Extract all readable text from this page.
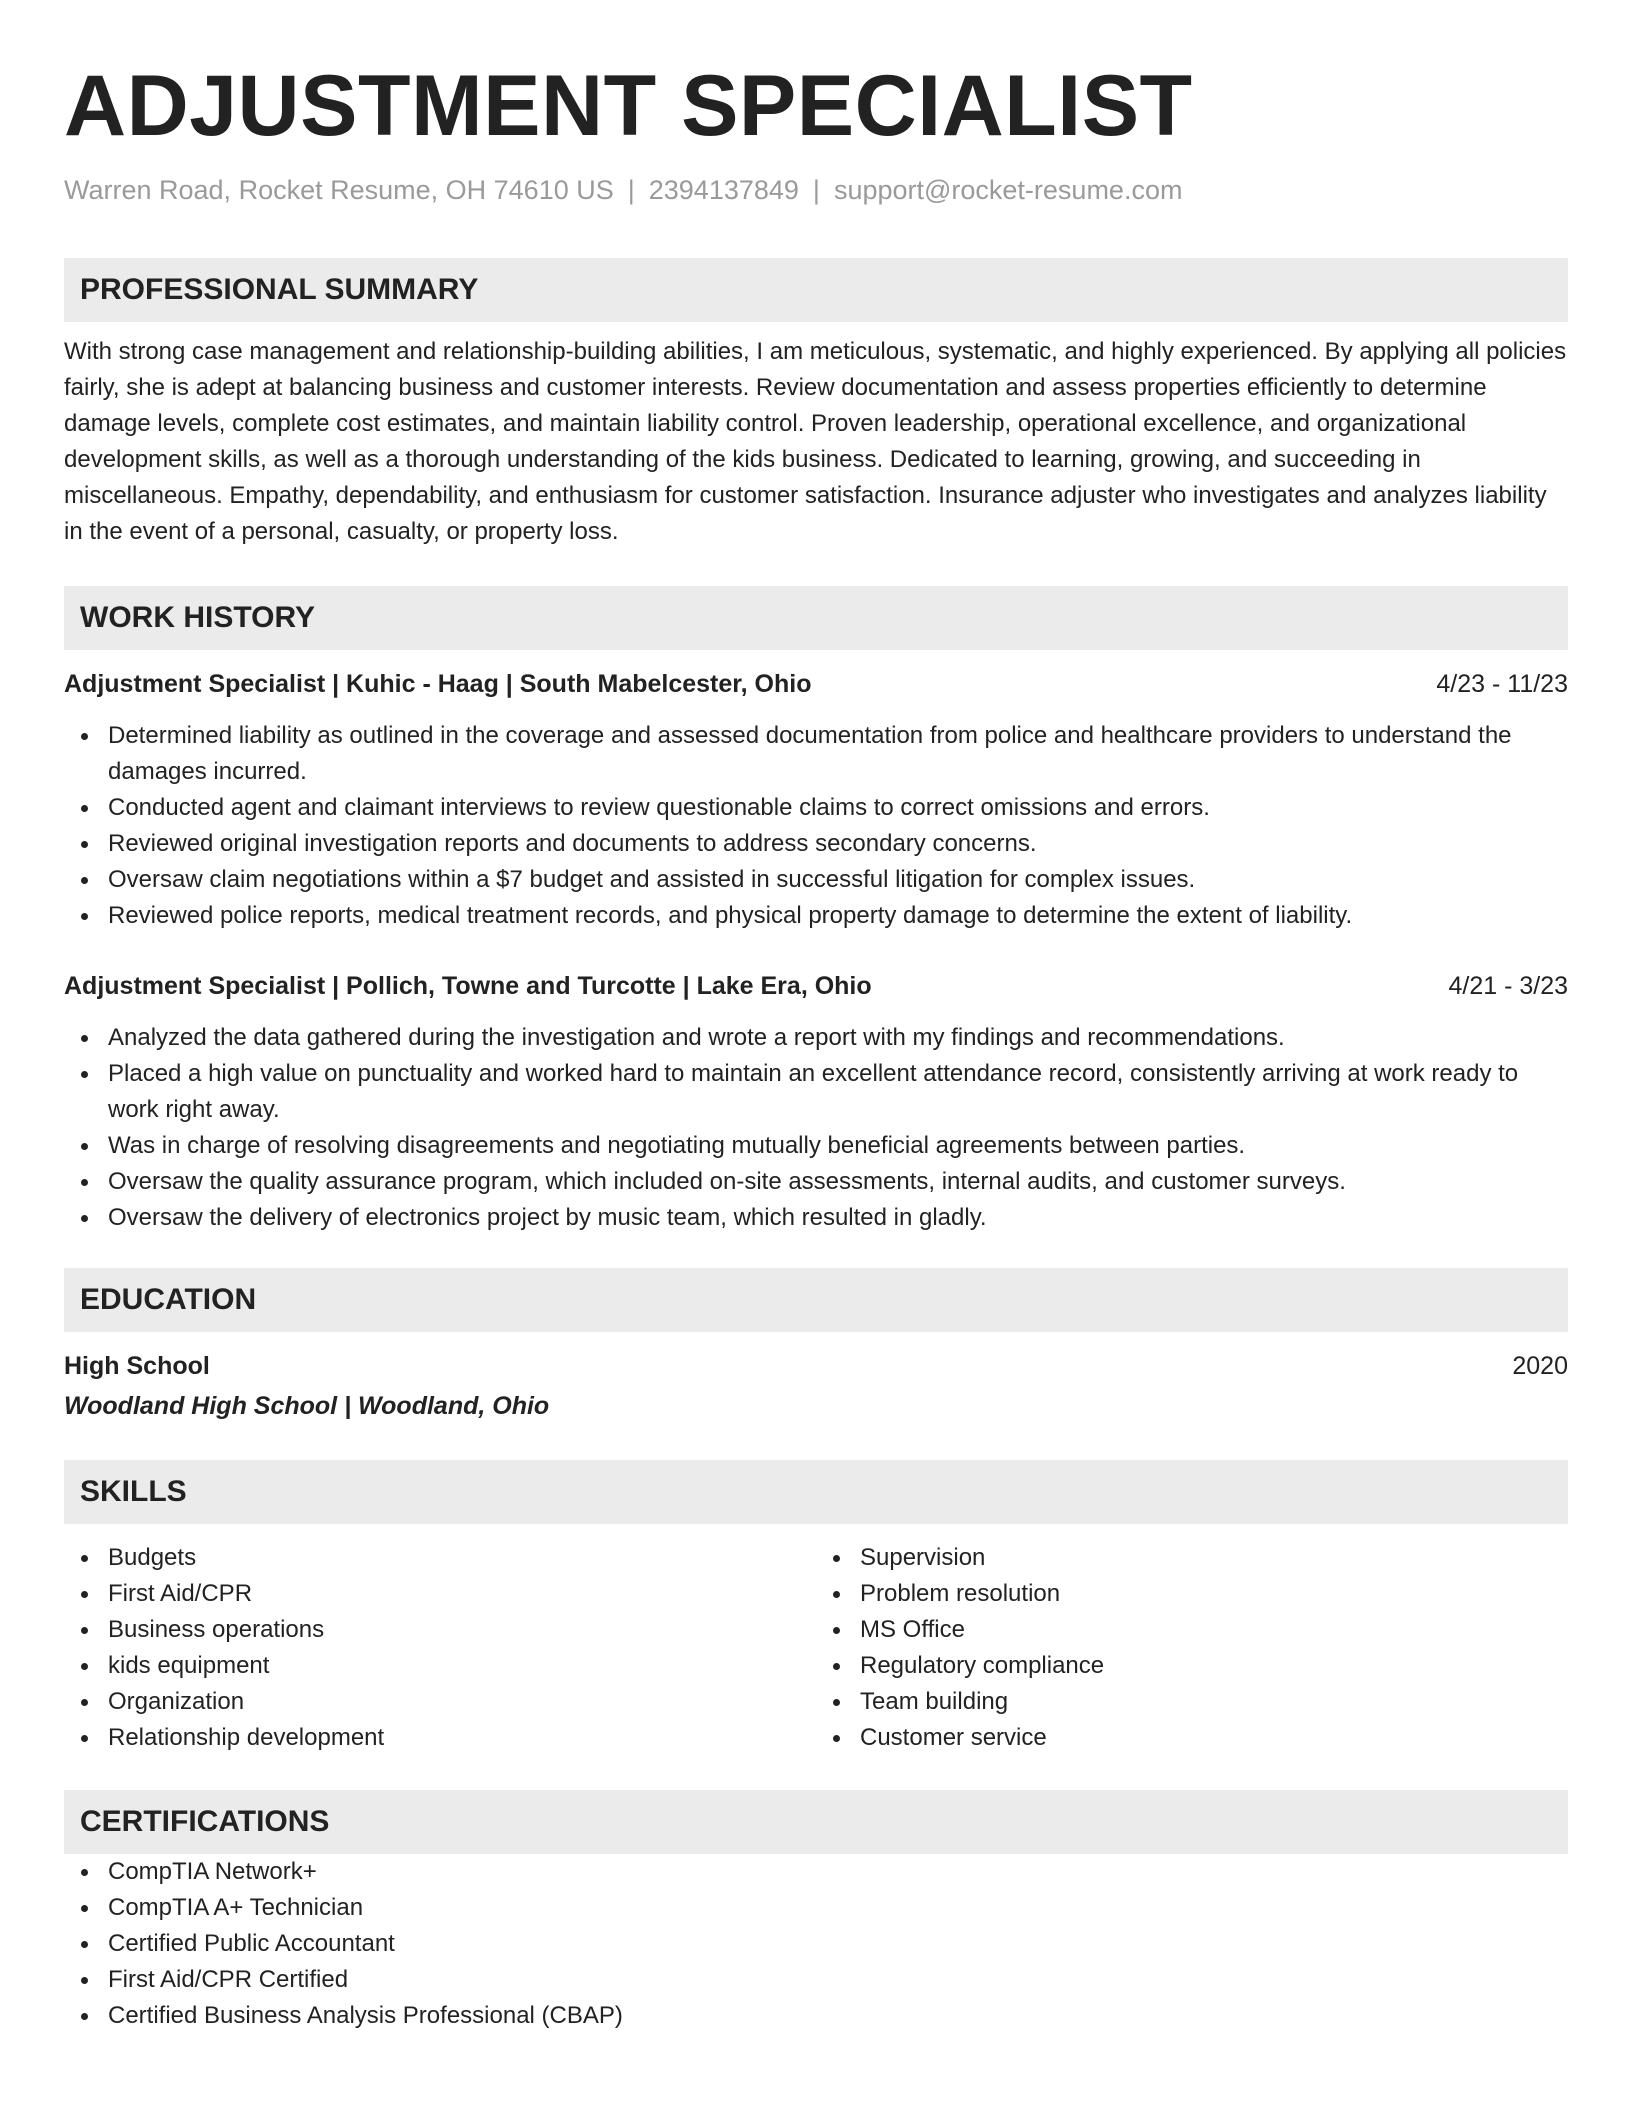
ADJUSTMENT SPECIALIST
Warren Road, Rocket Resume, OH 74610 US | 2394137849 | support@rocket-resume.com
PROFESSIONAL SUMMARY
With strong case management and relationship-building abilities, I am meticulous, systematic, and highly experienced. By applying all policies fairly, she is adept at balancing business and customer interests. Review documentation and assess properties efficiently to determine damage levels, complete cost estimates, and maintain liability control. Proven leadership, operational excellence, and organizational development skills, as well as a thorough understanding of the kids business. Dedicated to learning, growing, and succeeding in miscellaneous. Empathy, dependability, and enthusiasm for customer satisfaction. Insurance adjuster who investigates and analyzes liability in the event of a personal, casualty, or property loss.
WORK HISTORY
Adjustment Specialist | Kuhic - Haag | South Mabelcester, Ohio	4/23 - 11/23
Determined liability as outlined in the coverage and assessed documentation from police and healthcare providers to understand the damages incurred.
Conducted agent and claimant interviews to review questionable claims to correct omissions and errors.
Reviewed original investigation reports and documents to address secondary concerns.
Oversaw claim negotiations within a $7 budget and assisted in successful litigation for complex issues.
Reviewed police reports, medical treatment records, and physical property damage to determine the extent of liability.
Adjustment Specialist | Pollich, Towne and Turcotte | Lake Era, Ohio	4/21 - 3/23
Analyzed the data gathered during the investigation and wrote a report with my findings and recommendations.
Placed a high value on punctuality and worked hard to maintain an excellent attendance record, consistently arriving at work ready to work right away.
Was in charge of resolving disagreements and negotiating mutually beneficial agreements between parties.
Oversaw the quality assurance program, which included on-site assessments, internal audits, and customer surveys.
Oversaw the delivery of electronics project by music team, which resulted in gladly.
EDUCATION
High School	2020
Woodland High School | Woodland, Ohio
SKILLS
Budgets
First Aid/CPR
Business operations
kids equipment
Organization
Relationship development
Supervision
Problem resolution
MS Office
Regulatory compliance
Team building
Customer service
CERTIFICATIONS
CompTIA Network+
CompTIA A+ Technician
Certified Public Accountant
First Aid/CPR Certified
Certified Business Analysis Professional (CBAP)
